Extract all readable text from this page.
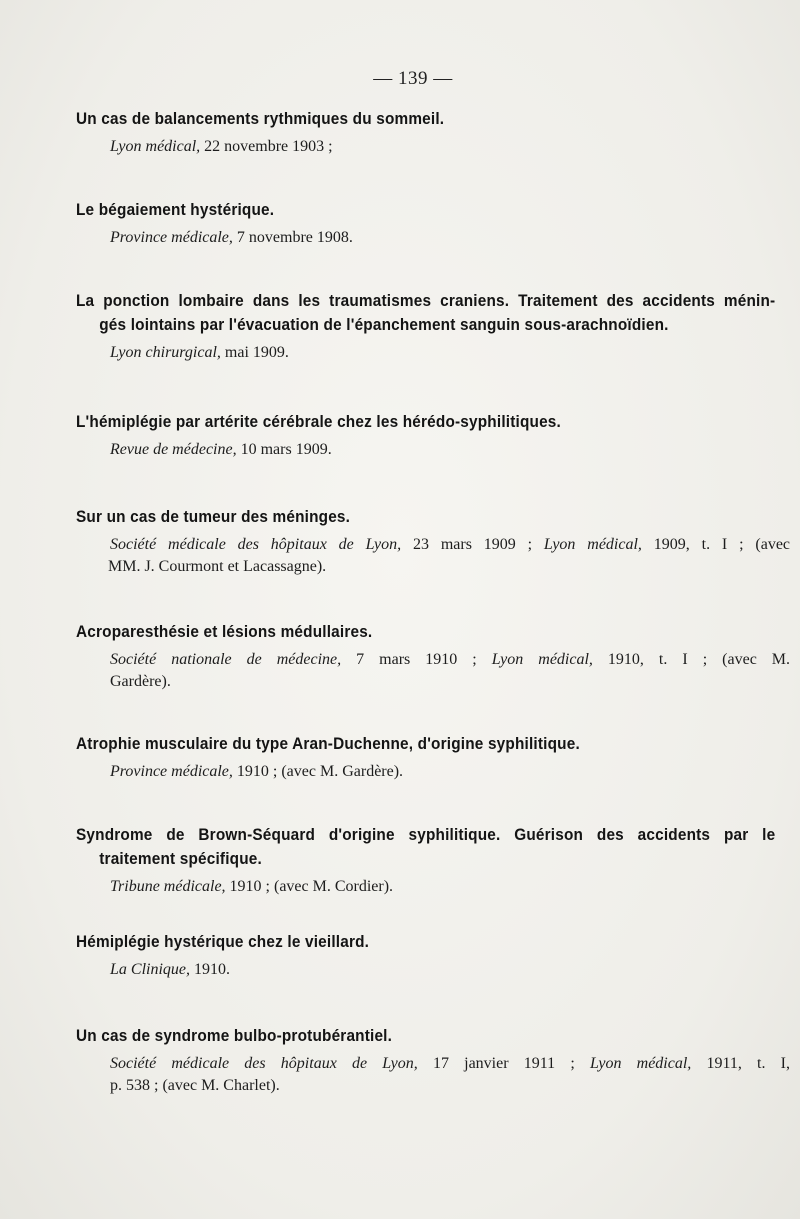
— 139 —
Un cas de balancements rythmiques du sommeil.
Lyon médical, 22 novembre 1903 ;
Le bégaiement hystérique.
Province médicale, 7 novembre 1908.
La ponction lombaire dans les traumatismes craniens. Traitement des accidents ménin-
gés lointains par l'évacuation de l'épanchement sanguin sous-arachnoïdien.
Lyon chirurgical, mai 1909.
L'hémiplégie par artérite cérébrale chez les hérédo-syphilitiques.
Revue de médecine, 10 mars 1909.
Sur un cas de tumeur des méninges.
Société médicale des hôpitaux de Lyon, 23 mars 1909 ; Lyon médical, 1909, t. I ; (avec
MM. J. Courmont et Lacassagne).
Acroparesthésie et lésions médullaires.
Société nationale de médecine, 7 mars 1910 ; Lyon médical, 1910, t. I ; (avec M.
Gardère).
Atrophie musculaire du type Aran-Duchenne, d'origine syphilitique.
Province médicale, 1910 ; (avec M. Gardère).
Syndrome de Brown-Séquard d'origine syphilitique. Guérison des accidents par le
traitement spécifique.
Tribune médicale, 1910 ; (avec M. Cordier).
Hémiplégie hystérique chez le vieillard.
La Clinique, 1910.
Un cas de syndrome bulbo-protubérantiel.
Société médicale des hôpitaux de Lyon, 17 janvier 1911 ; Lyon médical, 1911, t. I,
p. 538 ; (avec M. Charlet).
